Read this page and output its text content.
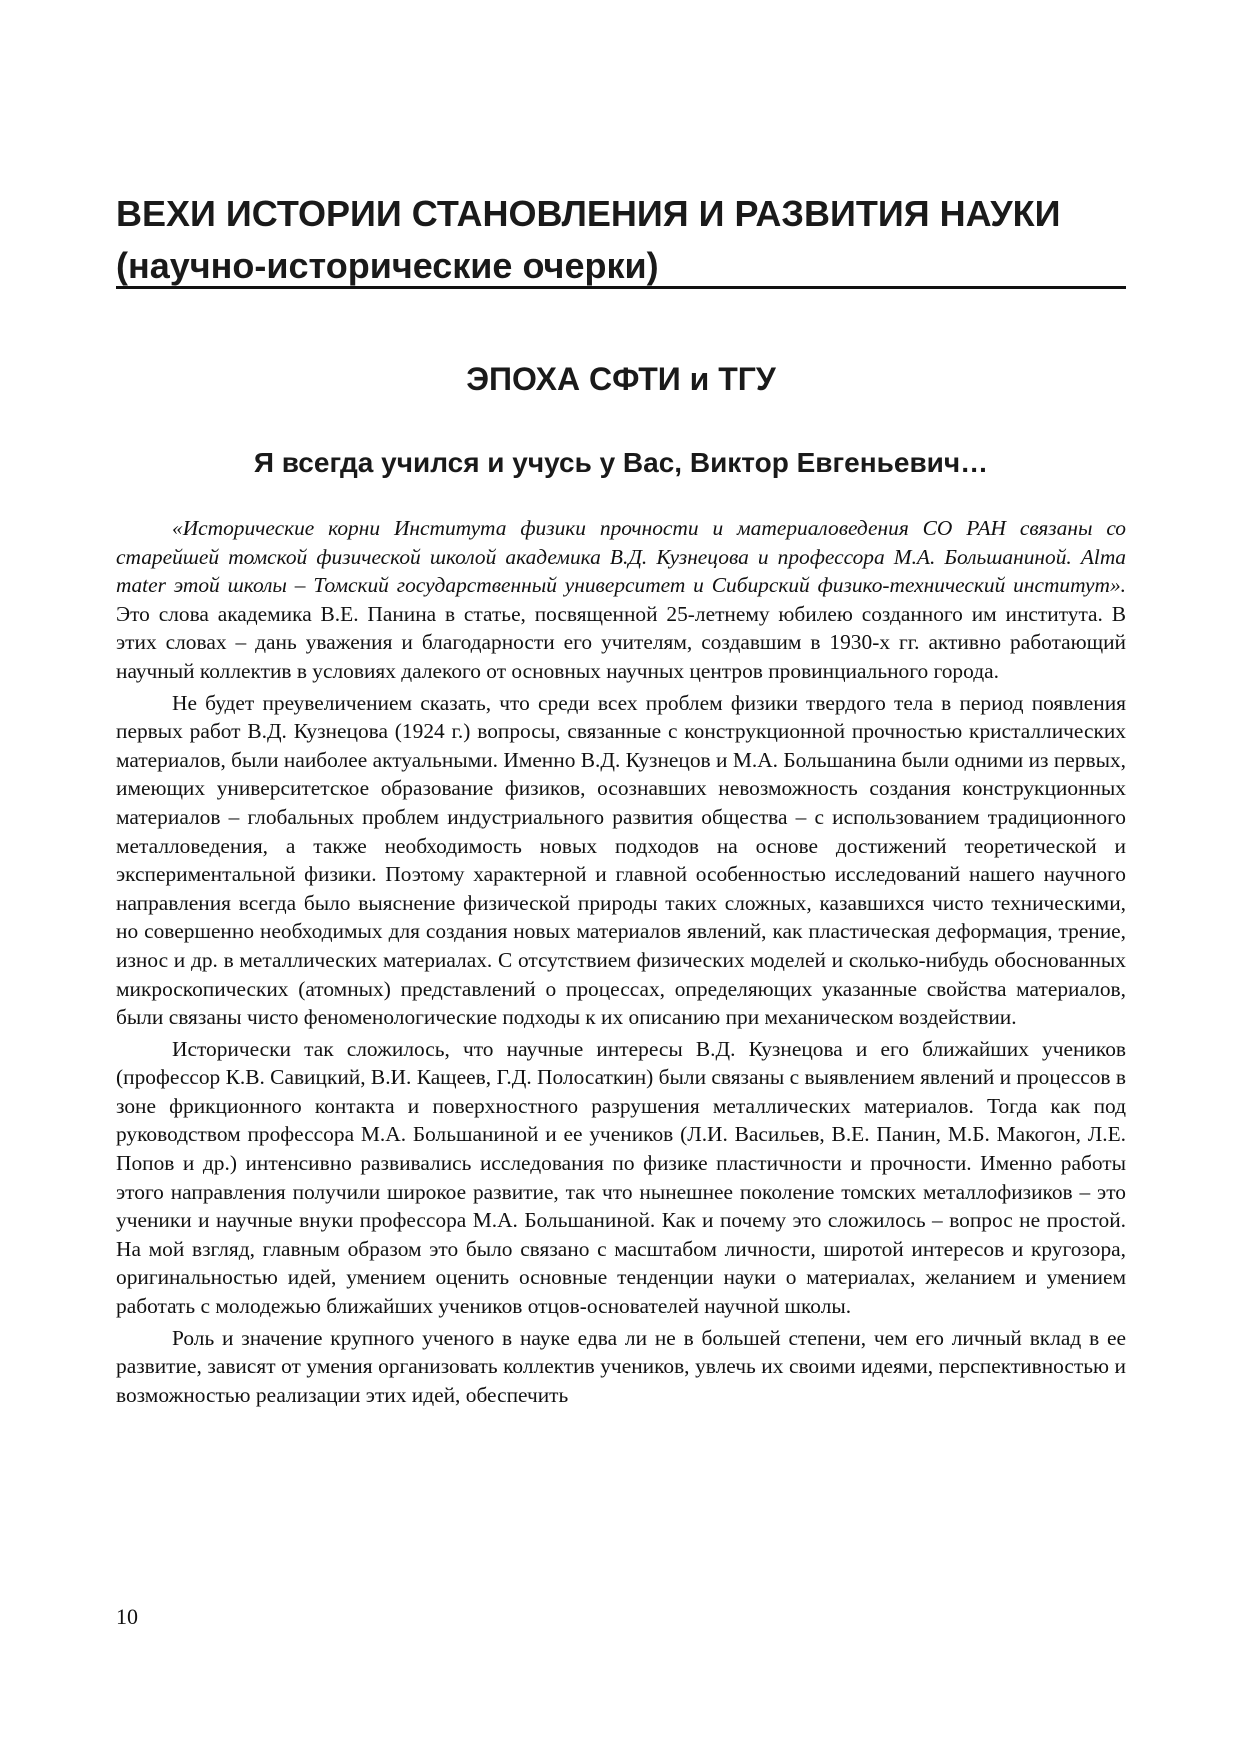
ВЕХИ ИСТОРИИ СТАНОВЛЕНИЯ И РАЗВИТИЯ НАУКИ
(научно-исторические очерки)
ЭПОХА СФТИ и ТГУ
Я всегда учился и учусь у Вас, Виктор Евгеньевич…

«Исторические корни Института физики прочности и материаловедения СО РАН связаны со старейшей томской физической школой академика В.Д. Кузнецова и профессора М.А. Большаниной. Alma mater этой школы – Томский государственный университет и Сибирский физико-технический институт». Это слова академика В.Е. Панина в статье, посвященной 25-летнему юбилею созданного им института. В этих словах – дань уважения и благодарности его учителям, создавшим в 1930-х гг. активно работающий научный коллектив в условиях далекого от основных научных центров провинциального города.

Не будет преувеличением сказать, что среди всех проблем физики твердого тела в период появления первых работ В.Д. Кузнецова (1924 г.) вопросы, связанные с конструкционной прочностью кристаллических материалов, были наиболее актуальными. Именно В.Д. Кузнецов и М.А. Большанина были одними из первых, имеющих университетское образование физиков, осознавших невозможность создания конструкционных материалов – глобальных проблем индустриального развития общества – с использованием традиционного металловедения, а также необходимость новых подходов на основе достижений теоретической и экспериментальной физики. Поэтому характерной и главной особенностью исследований нашего научного направления всегда было выяснение физической природы таких сложных, казавшихся чисто техническими, но совершенно необходимых для создания новых материалов явлений, как пластическая деформация, трение, износ и др. в металлических материалах. С отсутствием физических моделей и сколько-нибудь обоснованных микроскопических (атомных) представлений о процессах, определяющих указанные свойства материалов, были связаны чисто феноменологические подходы к их описанию при механическом воздействии.

Исторически так сложилось, что научные интересы В.Д. Кузнецова и его ближайших учеников (профессор К.В. Савицкий, В.И. Кащеев, Г.Д. Полосаткин) были связаны с выявлением явлений и процессов в зоне фрикционного контакта и поверхностного разрушения металлических материалов. Тогда как под руководством профессора М.А. Большаниной и ее учеников (Л.И. Васильев, В.Е. Панин, М.Б. Макогон, Л.Е. Попов и др.) интенсивно развивались исследования по физике пластичности и прочности. Именно работы этого направления получили широкое развитие, так что нынешнее поколение томских металлофизиков – это ученики и научные внуки профессора М.А. Большаниной. Как и почему это сложилось – вопрос не простой. На мой взгляд, главным образом это было связано с масштабом личности, широтой интересов и кругозора, оригинальностью идей, умением оценить основные тенденции науки о материалах, желанием и умением работать с молодежью ближайших учеников отцов-основателей научной школы.

Роль и значение крупного ученого в науке едва ли не в большей степени, чем его личный вклад в ее развитие, зависят от умения организовать коллектив учеников, увлечь их своими идеями, перспективностью и возможностью реализации этих идей, обеспечить

10
